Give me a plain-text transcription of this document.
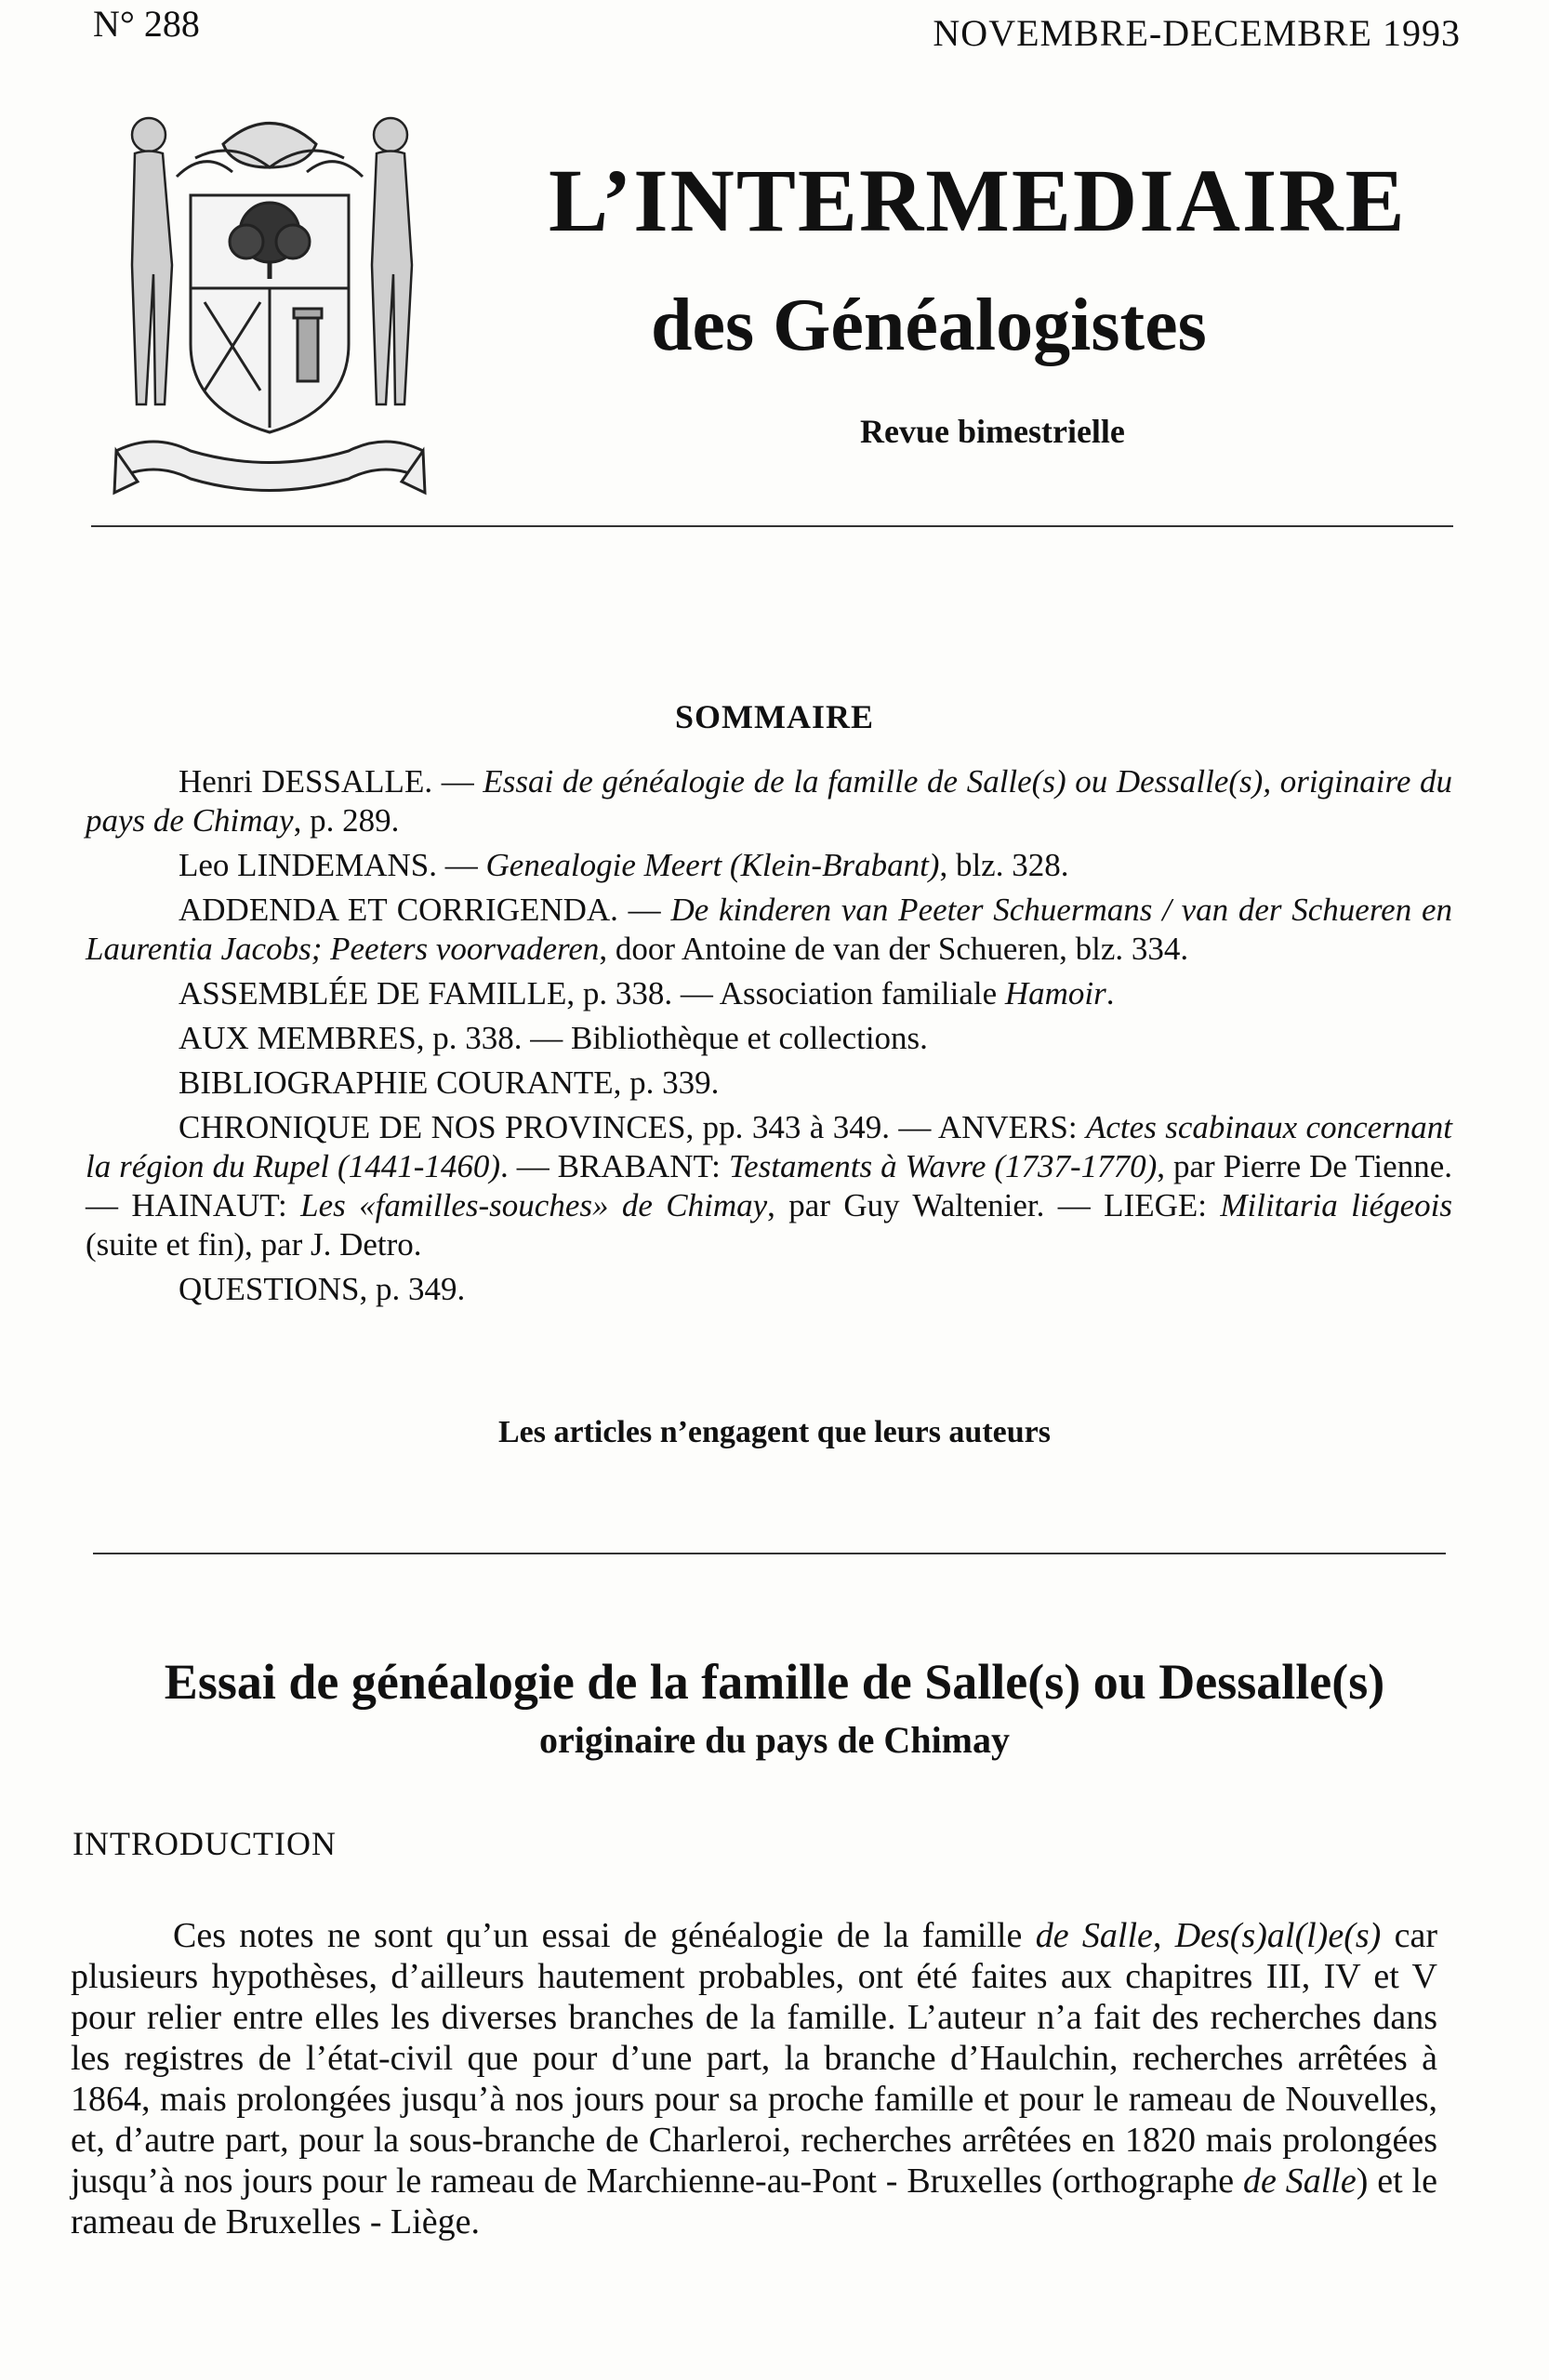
N° 288	NOVEMBRE-DECEMBRE 1993
L’INTERMEDIAIRE
des Généalogistes
Revue bimestrielle
SOMMAIRE

Henri DESSALLE. — Essai de généalogie de la famille de Salle(s) ou Dessalle(s), originaire du pays de Chimay, p. 289.

Leo LINDEMANS. — Genealogie Meert (Klein-Brabant), blz. 328.

ADDENDA ET CORRIGENDA. — De kinderen van Peeter Schuermans / van der Schueren en Laurentia Jacobs; Peeters voorvaderen, door Antoine de van der Schueren, blz. 334.

ASSEMBLÉE DE FAMILLE, p. 338. — Association familiale Hamoir.

AUX MEMBRES, p. 338. — Bibliothèque et collections.

BIBLIOGRAPHIE COURANTE, p. 339.

CHRONIQUE DE NOS PROVINCES, pp. 343 à 349. — ANVERS: Actes scabinaux concernant la région du Rupel (1441-1460). — BRABANT: Testaments à Wavre (1737-1770), par Pierre De Tienne. — HAINAUT: Les «familles-souches» de Chimay, par Guy Waltenier. — LIEGE: Militaria liégeois (suite et fin), par J. Detro.

QUESTIONS, p. 349.

Les articles n’engagent que leurs auteurs
Essai de généalogie de la famille de Salle(s) ou Dessalle(s)
originaire du pays de Chimay
INTRODUCTION

Ces notes ne sont qu’un essai de généalogie de la famille de Salle, Des(s)al(l)e(s) car plusieurs hypothèses, d’ailleurs hautement probables, ont été faites aux chapitres III, IV et V pour relier entre elles les diverses branches de la famille. L’auteur n’a fait des recherches dans les registres de l’état-civil que pour d’une part, la branche d’Haulchin, recherches arrêtées à 1864, mais prolongées jusqu’à nos jours pour sa proche famille et pour le rameau de Nouvelles, et, d’autre part, pour la sous-branche de Charleroi, recherches arrêtées en 1820 mais prolongées jusqu’à nos jours pour le rameau de Marchienne-au-Pont - Bruxelles (orthographe de Salle) et le rameau de Bruxelles - Liège.
